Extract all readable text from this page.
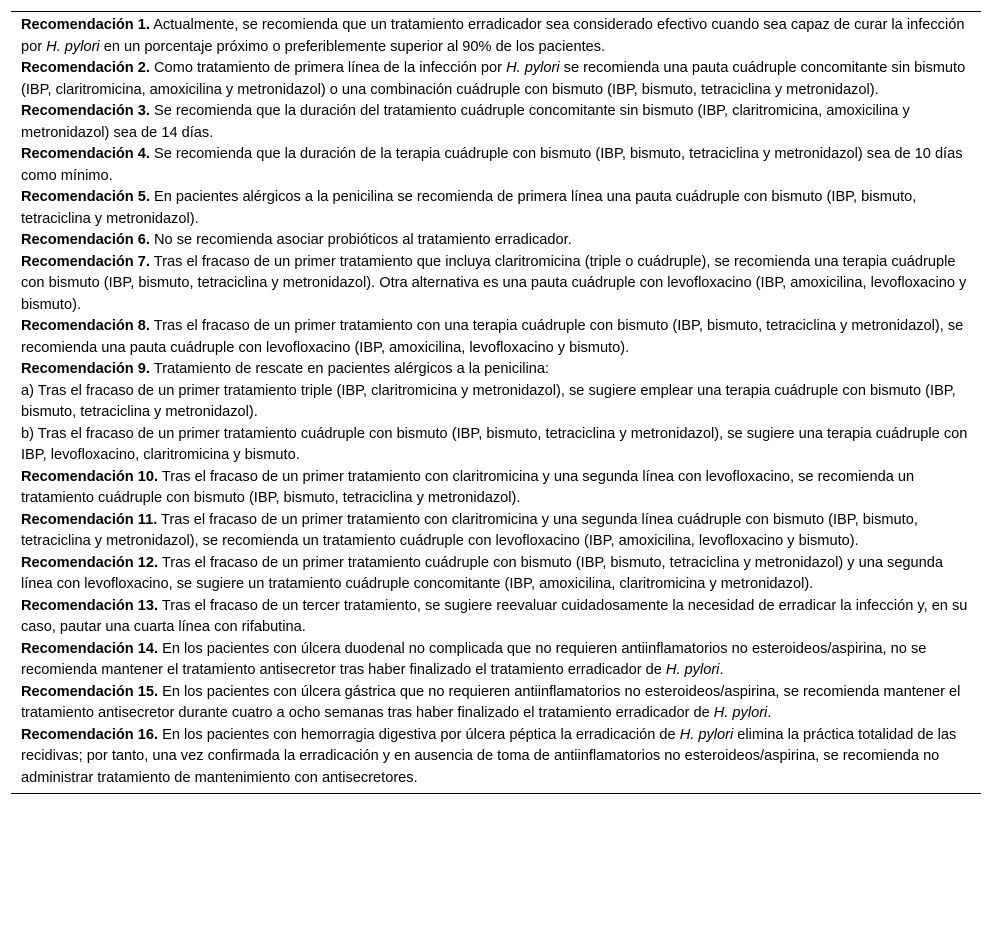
Recomendación 1. Actualmente, se recomienda que un tratamiento erradicador sea considerado efectivo cuando sea capaz de curar la infección por H. pylori en un porcentaje próximo o preferiblemente superior al 90% de los pacientes.

Recomendación 2. Como tratamiento de primera línea de la infección por H. pylori se recomienda una pauta cuádruple concomitante sin bismuto (IBP, claritromicina, amoxicilina y metronidazol) o una combinación cuádruple con bismuto (IBP, bismuto, tetraciclina y metronidazol).

Recomendación 3. Se recomienda que la duración del tratamiento cuádruple concomitante sin bismuto (IBP, claritromicina, amoxicilina y metronidazol) sea de 14 días.

Recomendación 4. Se recomienda que la duración de la terapia cuádruple con bismuto (IBP, bismuto, tetraciclina y metronidazol) sea de 10 días como mínimo.

Recomendación 5. En pacientes alérgicos a la penicilina se recomienda de primera línea una pauta cuádruple con bismuto (IBP, bismuto, tetraciclina y metronidazol).

Recomendación 6. No se recomienda asociar probióticos al tratamiento erradicador.

Recomendación 7. Tras el fracaso de un primer tratamiento que incluya claritromicina (triple o cuádruple), se recomienda una terapia cuádruple con bismuto (IBP, bismuto, tetraciclina y metronidazol). Otra alternativa es una pauta cuádruple con levofloxacino (IBP, amoxicilina, levofloxacino y bismuto).

Recomendación 8. Tras el fracaso de un primer tratamiento con una terapia cuádruple con bismuto (IBP, bismuto, tetraciclina y metronidazol), se recomienda una pauta cuádruple con levofloxacino (IBP, amoxicilina, levofloxacino y bismuto).

Recomendación 9. Tratamiento de rescate en pacientes alérgicos a la penicilina:

a) Tras el fracaso de un primer tratamiento triple (IBP, claritromicina y metronidazol), se sugiere emplear una terapia cuádruple con bismuto (IBP, bismuto, tetraciclina y metronidazol).

b) Tras el fracaso de un primer tratamiento cuádruple con bismuto (IBP, bismuto, tetraciclina y metronidazol), se sugiere una terapia cuádruple con IBP, levofloxacino, claritromicina y bismuto.

Recomendación 10. Tras el fracaso de un primer tratamiento con claritromicina y una segunda línea con levofloxacino, se recomienda un tratamiento cuádruple con bismuto (IBP, bismuto, tetraciclina y metronidazol).

Recomendación 11. Tras el fracaso de un primer tratamiento con claritromicina y una segunda línea cuádruple con bismuto (IBP, bismuto, tetraciclina y metronidazol), se recomienda un tratamiento cuádruple con levofloxacino (IBP, amoxicilina, levofloxacino y bismuto).

Recomendación 12. Tras el fracaso de un primer tratamiento cuádruple con bismuto (IBP, bismuto, tetraciclina y metronidazol) y una segunda línea con levofloxacino, se sugiere un tratamiento cuádruple concomitante (IBP, amoxicilina, claritromicina y metronidazol).

Recomendación 13. Tras el fracaso de un tercer tratamiento, se sugiere reevaluar cuidadosamente la necesidad de erradicar la infección y, en su caso, pautar una cuarta línea con rifabutina.

Recomendación 14. En los pacientes con úlcera duodenal no complicada que no requieren antiinflamatorios no esteroideos/aspirina, no se recomienda mantener el tratamiento antisecretor tras haber finalizado el tratamiento erradicador de H. pylori.

Recomendación 15. En los pacientes con úlcera gástrica que no requieren antiinflamatorios no esteroideos/aspirina, se recomienda mantener el tratamiento antisecretor durante cuatro a ocho semanas tras haber finalizado el tratamiento erradicador de H. pylori.

Recomendación 16. En los pacientes con hemorragia digestiva por úlcera péptica la erradicación de H. pylori elimina la práctica totalidad de las recidivas; por tanto, una vez confirmada la erradicación y en ausencia de toma de antiinflamatorios no esteroideos/aspirina, se recomienda no administrar tratamiento de mantenimiento con antisecretores.
